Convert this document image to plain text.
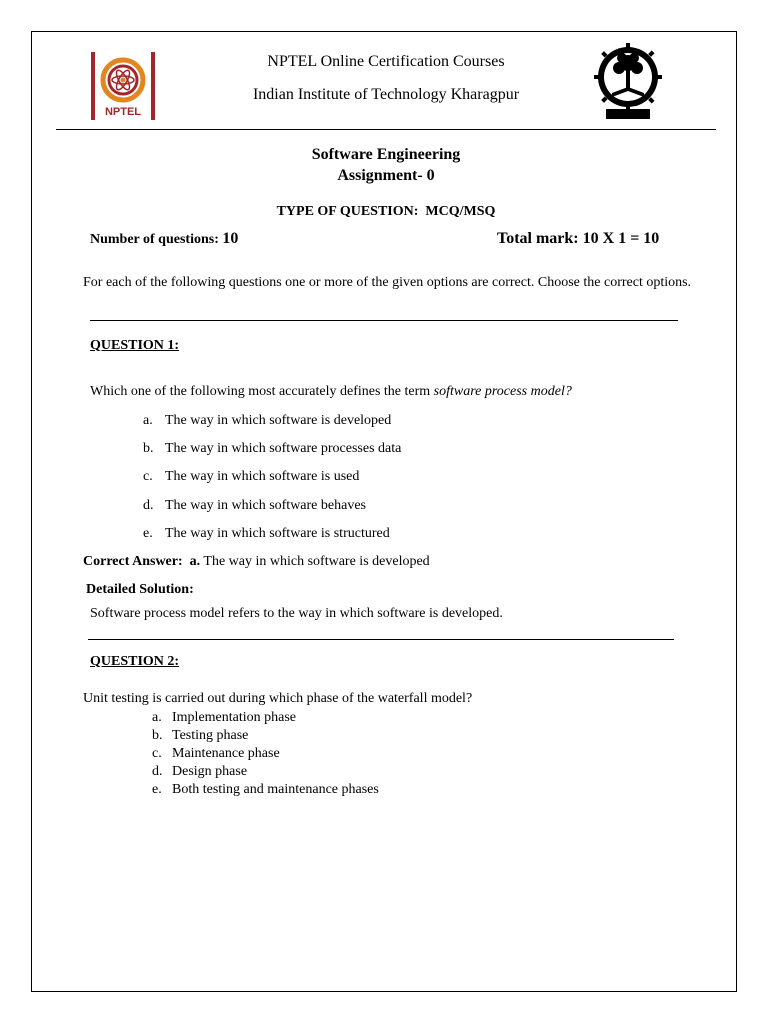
NPTEL
NPTEL Online Certification Courses
Indian Institute of Technology Kharagpur
Software Engineering
Assignment- 0
TYPE OF QUESTION: MCQ/MSQ
Number of questions: 10	Total mark: 10 X 1 = 10
For each of the following questions one or more of the given options are correct. Choose the correct options.
QUESTION 1:
Which one of the following most accurately defines the term software process model?
a. The way in which software is developed
b. The way in which software processes data
c. The way in which software is used
d. The way in which software behaves
e. The way in which software is structured
Correct Answer: a. The way in which software is developed
Detailed Solution:
Software process model refers to the way in which software is developed.
QUESTION 2:
Unit testing is carried out during which phase of the waterfall model?
a. Implementation phase
b. Testing phase
c. Maintenance phase
d. Design phase
e. Both testing and maintenance phases
